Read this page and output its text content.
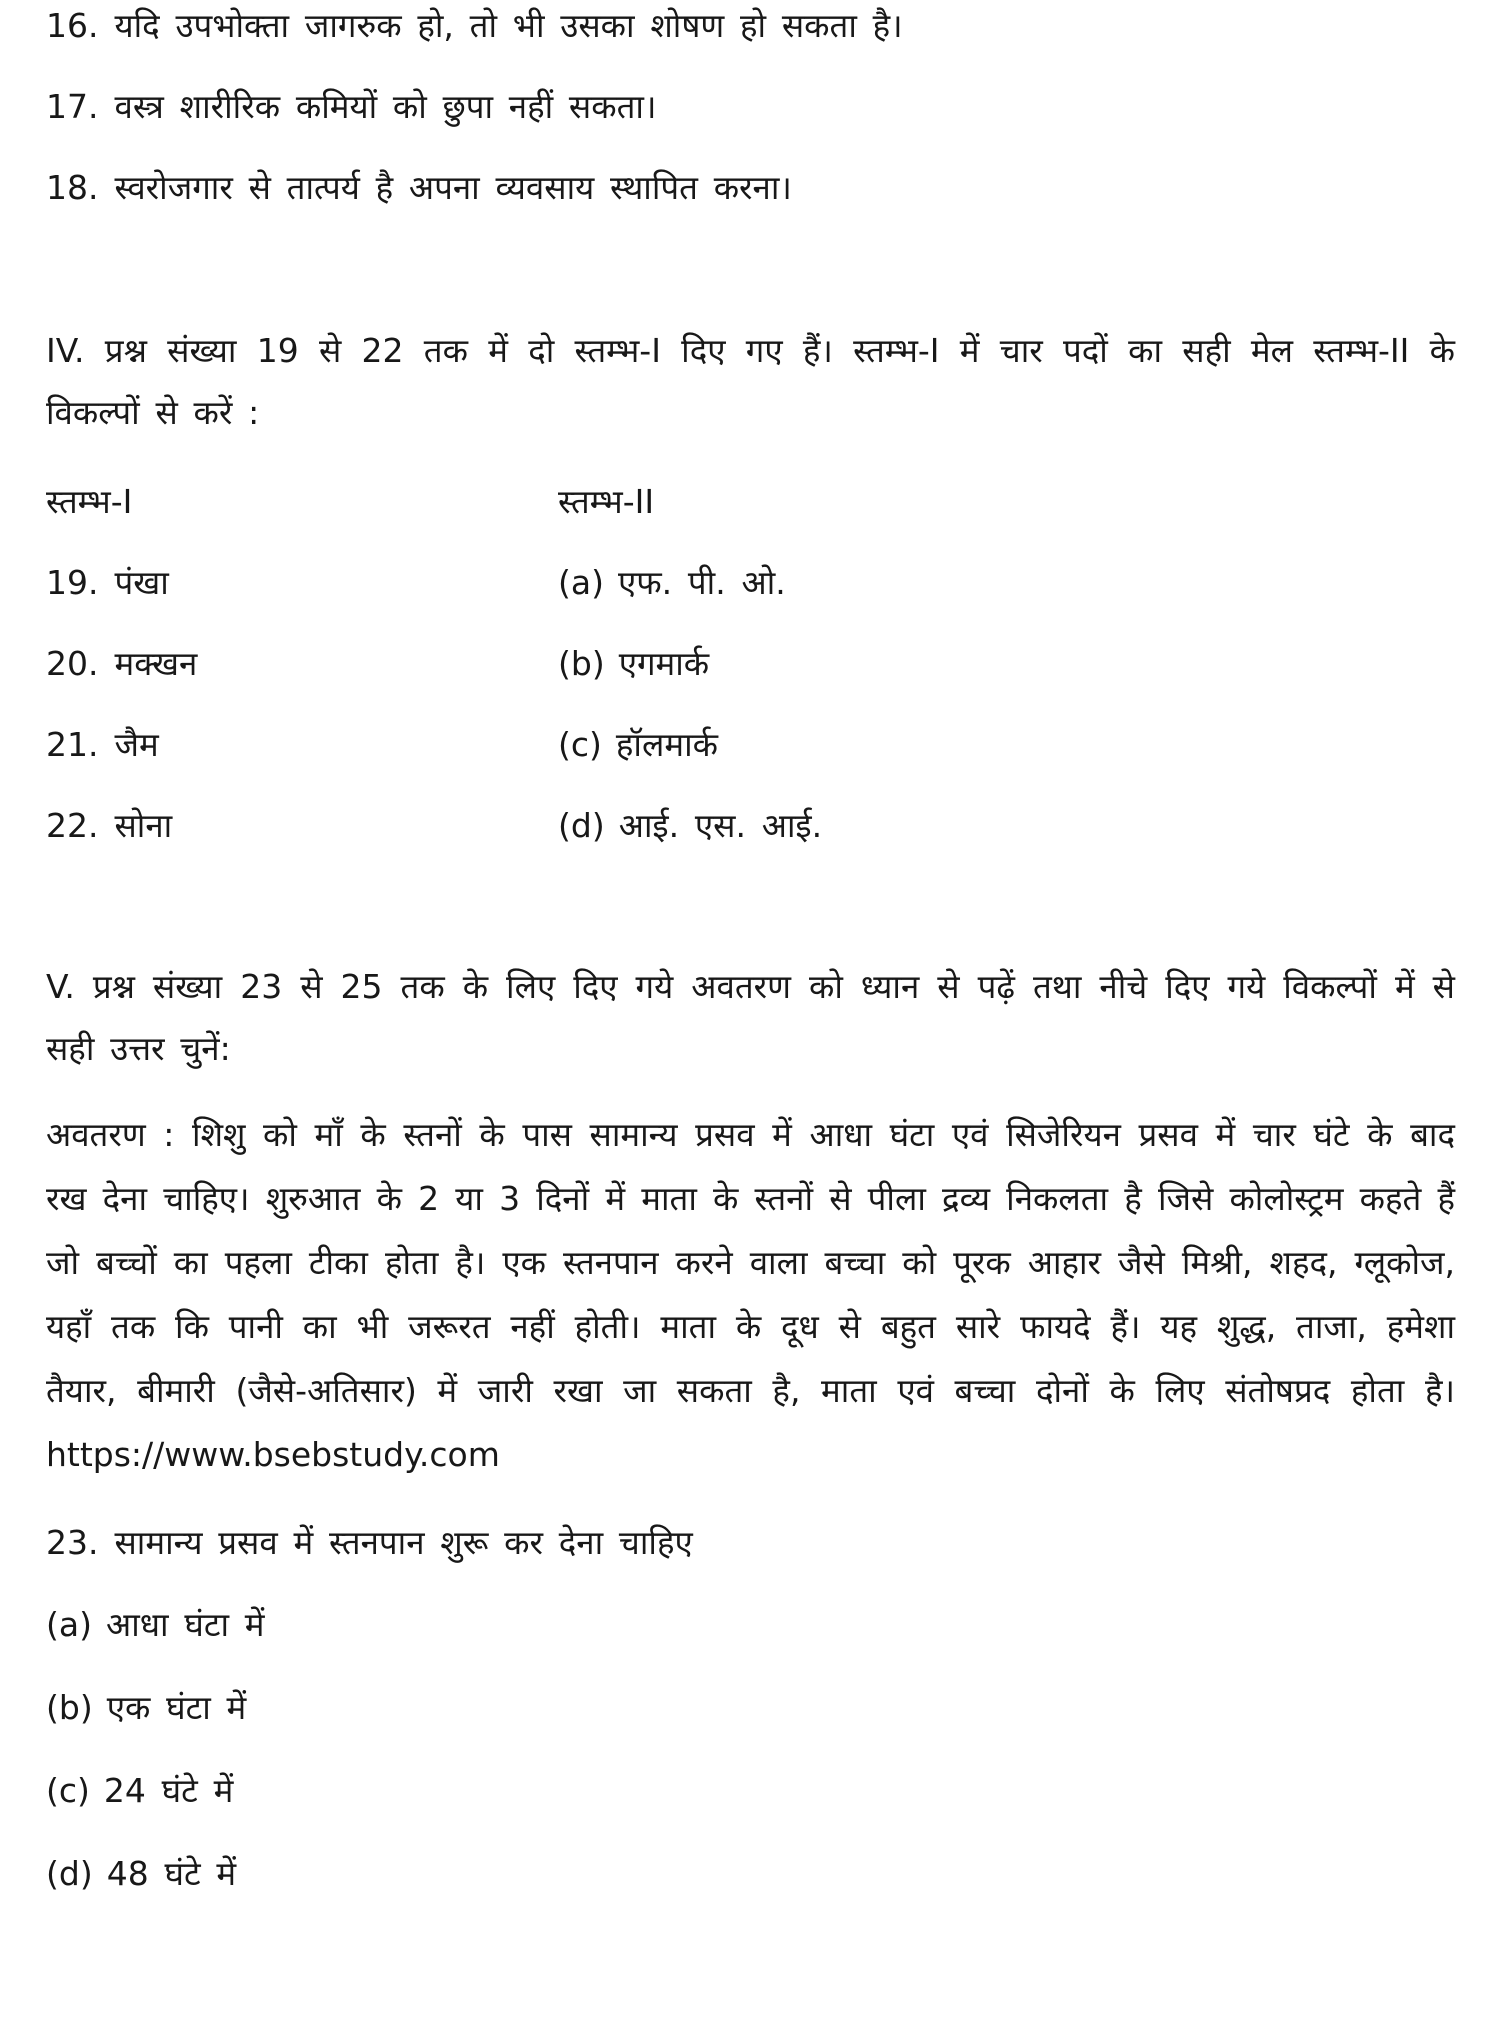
16. यदि उपभोक्ता जागरुक हो, तो भी उसका शोषण हो सकता है।
17. वस्त्र शारीरिक कमियों को छुपा नहीं सकता।
18. स्वरोजगार से तात्पर्य है अपना व्यवसाय स्थापित करना।

IV. प्रश्न संख्या 19 से 22 तक में दो स्तम्भ-I दिए गए हैं। स्तम्भ-I में चार पदों का सही मेल स्तम्भ-II के विकल्पों से करें :

स्तम्भ-I	स्तम्भ-II
19. पंखा	(a) एफ. पी. ओ.
20. मक्खन	(b) एगमार्क
21. जैम	(c) हॉलमार्क
22. सोना	(d) आई. एस. आई.

V. प्रश्न संख्या 23 से 25 तक के लिए दिए गये अवतरण को ध्यान से पढ़ें तथा नीचे दिए गये विकल्पों में से सही उत्तर चुनें:

अवतरण : शिशु को माँ के स्तनों के पास सामान्य प्रसव में आधा घंटा एवं सिजेरियन प्रसव में चार घंटे के बाद रख देना चाहिए। शुरुआत के 2 या 3 दिनों में माता के स्तनों से पीला द्रव्य निकलता है जिसे कोलोस्ट्रम कहते हैं जो बच्चों का पहला टीका होता है। एक स्तनपान करने वाला बच्चा को पूरक आहार जैसे मिश्री, शहद, ग्लूकोज, यहाँ तक कि पानी का भी जरूरत नहीं होती। माता के दूध से बहुत सारे फायदे हैं। यह शुद्ध, ताजा, हमेशा तैयार, बीमारी (जैसे-अतिसार) में जारी रखा जा सकता है, माता एवं बच्चा दोनों के लिए संतोषप्रद होता है। https://www.bsebstudy.com

23. सामान्य प्रसव में स्तनपान शुरू कर देना चाहिए
(a) आधा घंटा में
(b) एक घंटा में
(c) 24 घंटे में
(d) 48 घंटे में
